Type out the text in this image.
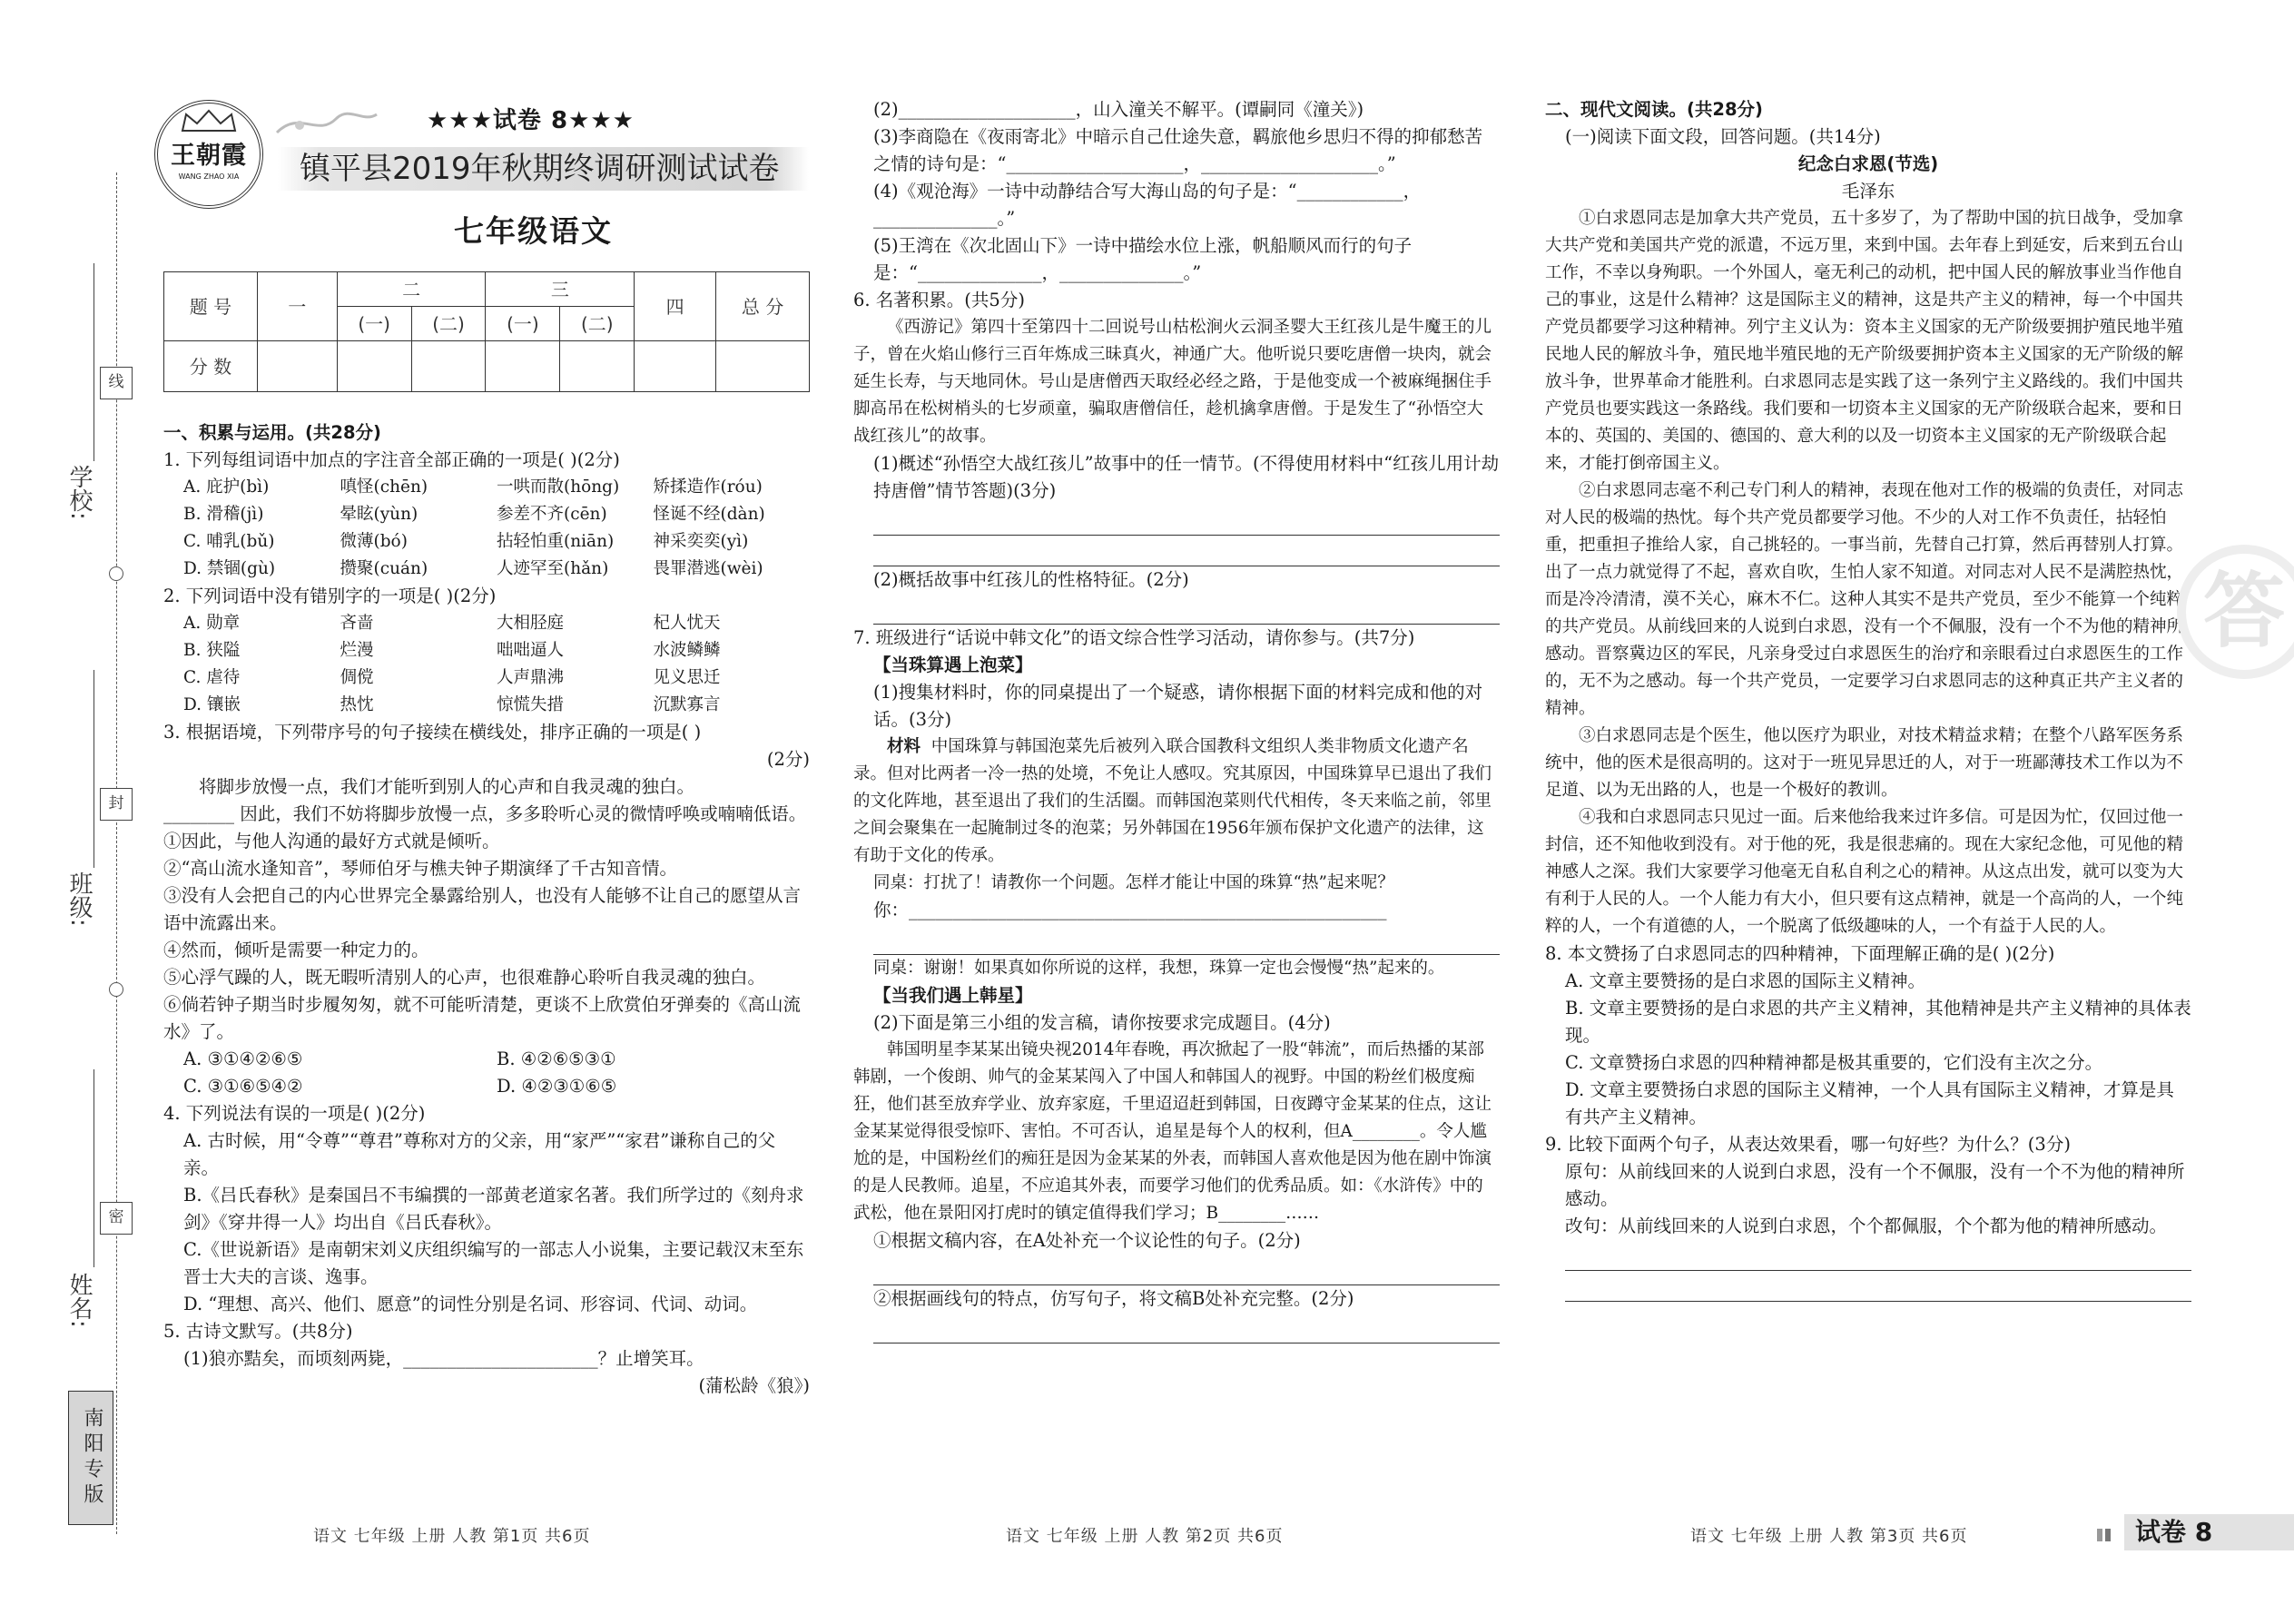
线
封
密
学校:
班级:
姓名:
南阳专版
王朝霞
WANG ZHAO XIA
★★★试卷 8★★★
镇平县2019年秋期终调研测试试卷
七年级语文
题 号	一	二		三		四	总 分
		(一)	(二)	(一)	(二)		
分 数							

一、积累与运用。(共28分)

1. 下列每组词语中加点的字注音全部正确的一项是( )(2分)

A. 庇护(bì)	嗔怪(chēn)	一哄而散(hōng)	矫揉造作(róu)
B. 滑稽(jì)	晕眩(yùn)	参差不齐(cēn)	怪诞不经(dàn)
C. 哺乳(bǔ)	微薄(bó)	拈轻怕重(niān)	神采奕奕(yì)
D. 禁锢(gù)	攒聚(cuán)	人迹罕至(hǎn)	畏罪潜逃(wèi)

2. 下列词语中没有错别字的一项是( )(2分)

A. 勋章	吝啬	大相胫庭	杞人忧天
B. 狭隘	烂漫	咄咄逼人	水波鳞鳞
C. 虐待	倜傥	人声鼎沸	见义思迁
D. 镶嵌	热忱	惊慌失措	沉默寡言

3. 根据语境，下列带序号的句子接续在横线处，排序正确的一项是( )

(2分)

将脚步放慢一点，我们才能听到别人的心声和自我灵魂的独白。

________ 因此，我们不妨将脚步放慢一点，多多聆听心灵的微情呼唤或喃喃低语。

①因此，与他人沟通的最好方式就是倾听。

②“高山流水逢知音”，琴师伯牙与樵夫钟子期演绎了千古知音情。

③没有人会把自己的内心世界完全暴露给别人，也没有人能够不让自己的愿望从言语中流露出来。

④然而，倾听是需要一种定力的。

⑤心浮气躁的人，既无暇听清别人的心声，也很难静心聆听自我灵魂的独白。

⑥倘若钟子期当时步履匆匆，就不可能听清楚，更谈不上欣赏伯牙弹奏的《高山流水》了。

A. ③①④②⑥⑤	B. ④②⑥⑤③①
C. ③①⑥⑤④②	D. ④②③①⑥⑤

4. 下列说法有误的一项是( )(2分)

A. 古时候，用“令尊”“尊君”尊称对方的父亲，用“家严”“家君”谦称自己的父亲。

B.《吕氏春秋》是秦国吕不韦编撰的一部黄老道家名著。我们所学过的《刻舟求剑》《穿井得一人》均出自《吕氏春秋》。

C.《世说新语》是南朝宋刘义庆组织编写的一部志人小说集，主要记载汉末至东晋士大夫的言谈、逸事。

D. “理想、高兴、他们、愿意”的词性分别是名词、形容词、代词、动词。

5. 古诗文默写。(共8分)

(1)狼亦黠矣，而顷刻两毙，______________________？止增笑耳。

(蒲松龄《狼》)

语文 七年级 上册 人教 第1页 共6页

(2)____________________，山入潼关不解平。(谭嗣同《潼关》)

(3)李商隐在《夜雨寄北》中暗示自己仕途失意，羁旅他乡思归不得的抑郁愁苦之情的诗句是：“____________________，____________________。”

(4)《观沧海》一诗中动静结合写大海山岛的句子是：“____________，______________。”

(5)王湾在《次北固山下》一诗中描绘水位上涨，帆船顺风而行的句子是：“______________，______________。”

6. 名著积累。(共5分)

《西游记》第四十至第四十二回说号山枯松涧火云洞圣婴大王红孩儿是牛魔王的儿子，曾在火焰山修行三百年炼成三昧真火，神通广大。他听说只要吃唐僧一块肉，就会延生长寿，与天地同休。号山是唐僧西天取经必经之路，于是他变成一个被麻绳捆住手脚高吊在松树梢头的七岁顽童，骗取唐僧信任，趁机擒拿唐僧。于是发生了“孙悟空大战红孩儿”的故事。

(1)概述“孙悟空大战红孩儿”故事中的任一情节。(不得使用材料中“红孩儿用计劫持唐僧”情节答题)(3分)

(2)概括故事中红孩儿的性格特征。(2分)

7. 班级进行“话说中韩文化”的语文综合性学习活动，请你参与。(共7分)

【当珠算遇上泡菜】

(1)搜集材料时，你的同桌提出了一个疑惑，请你根据下面的材料完成和他的对话。(3分)

材料 中国珠算与韩国泡菜先后被列入联合国教科文组织人类非物质文化遗产名录。但对比两者一冷一热的处境，不免让人感叹。究其原因，中国珠算早已退出了我们的文化阵地，甚至退出了我们的生活圈。而韩国泡菜则代代相传，冬天来临之前，邻里之间会聚集在一起腌制过冬的泡菜；另外韩国在1956年颁布保护文化遗产的法律，这有助于文化的传承。

同桌：打扰了！请教你一个问题。怎样才能让中国的珠算“热”起来呢？

你：______________________________________________________

同桌：谢谢！如果真如你所说的这样，我想，珠算一定也会慢慢“热”起来的。

【当我们遇上韩星】

(2)下面是第三小组的发言稿，请你按要求完成题目。(4分)

韩国明星李某某出镜央视2014年春晚，再次掀起了一股“韩流”，而后热播的某部韩剧，一个俊朗、帅气的金某某闯入了中国人和韩国人的视野。中国的粉丝们极度痴狂，他们甚至放弃学业、放弃家庭，千里迢迢赶到韩国，日夜蹲守金某某的住点，这让金某某觉得很受惊吓、害怕。不可否认，追星是每个人的权利，但A________。令人尴尬的是，中国粉丝们的痴狂是因为金某某的外表，而韩国人喜欢他是因为他在剧中饰演的是人民教师。追星，不应追其外表，而要学习他们的优秀品质。如：《水浒传》中的武松，他在景阳冈打虎时的镇定值得我们学习；B________……

①根据文稿内容，在A处补充一个议论性的句子。(2分)

②根据画线句的特点，仿写句子，将文稿B处补充完整。(2分)

语文 七年级 上册 人教 第2页 共6页

二、现代文阅读。(共28分)

(一)阅读下面文段，回答问题。(共14分)

纪念白求恩(节选)

毛泽东

①白求恩同志是加拿大共产党员，五十多岁了，为了帮助中国的抗日战争，受加拿大共产党和美国共产党的派遣，不远万里，来到中国。去年春上到延安，后来到五台山工作，不幸以身殉职。一个外国人，毫无利己的动机，把中国人民的解放事业当作他自己的事业，这是什么精神？这是国际主义的精神，这是共产主义的精神，每一个中国共产党员都要学习这种精神。列宁主义认为：资本主义国家的无产阶级要拥护殖民地半殖民地人民的解放斗争，殖民地半殖民地的无产阶级要拥护资本主义国家的无产阶级的解放斗争，世界革命才能胜利。白求恩同志是实践了这一条列宁主义路线的。我们中国共产党员也要实践这一条路线。我们要和一切资本主义国家的无产阶级联合起来，要和日本的、英国的、美国的、德国的、意大利的以及一切资本主义国家的无产阶级联合起来，才能打倒帝国主义。

②白求恩同志毫不利己专门利人的精神，表现在他对工作的极端的负责任，对同志对人民的极端的热忱。每个共产党员都要学习他。不少的人对工作不负责任，拈轻怕重，把重担子推给人家，自己挑轻的。一事当前，先替自己打算，然后再替别人打算。出了一点力就觉得了不起，喜欢自吹，生怕人家不知道。对同志对人民不是满腔热忱，而是冷冷清清，漠不关心，麻木不仁。这种人其实不是共产党员，至少不能算一个纯粹的共产党员。从前线回来的人说到白求恩，没有一个不佩服，没有一个不为他的精神所感动。晋察冀边区的军民，凡亲身受过白求恩医生的治疗和亲眼看过白求恩医生的工作的，无不为之感动。每一个共产党员，一定要学习白求恩同志的这种真正共产主义者的精神。

③白求恩同志是个医生，他以医疗为职业，对技术精益求精；在整个八路军医务系统中，他的医术是很高明的。这对于一班见异思迁的人，对于一班鄙薄技术工作以为不足道、以为无出路的人，也是一个极好的教训。

④我和白求恩同志只见过一面。后来他给我来过许多信。可是因为忙，仅回过他一封信，还不知他收到没有。对于他的死，我是很悲痛的。现在大家纪念他，可见他的精神感人之深。我们大家要学习他毫无自私自利之心的精神。从这点出发，就可以变为大有利于人民的人。一个人能力有大小，但只要有这点精神，就是一个高尚的人，一个纯粹的人，一个有道德的人，一个脱离了低级趣味的人，一个有益于人民的人。

8. 本文赞扬了白求恩同志的四种精神，下面理解正确的是( )(2分)

A. 文章主要赞扬的是白求恩的国际主义精神。

B. 文章主要赞扬的是白求恩的共产主义精神，其他精神是共产主义精神的具体表现。

C. 文章赞扬白求恩的四种精神都是极其重要的，它们没有主次之分。

D. 文章主要赞扬白求恩的国际主义精神，一个人具有国际主义精神，才算是具有共产主义精神。

9. 比较下面两个句子，从表达效果看，哪一句好些？为什么？(3分)

原句：从前线回来的人说到白求恩，没有一个不佩服，没有一个不为他的精神所感动。

改句：从前线回来的人说到白求恩，个个都佩服，个个都为他的精神所感动。

语文 七年级 上册 人教 第3页 共6页	试卷 8
答
